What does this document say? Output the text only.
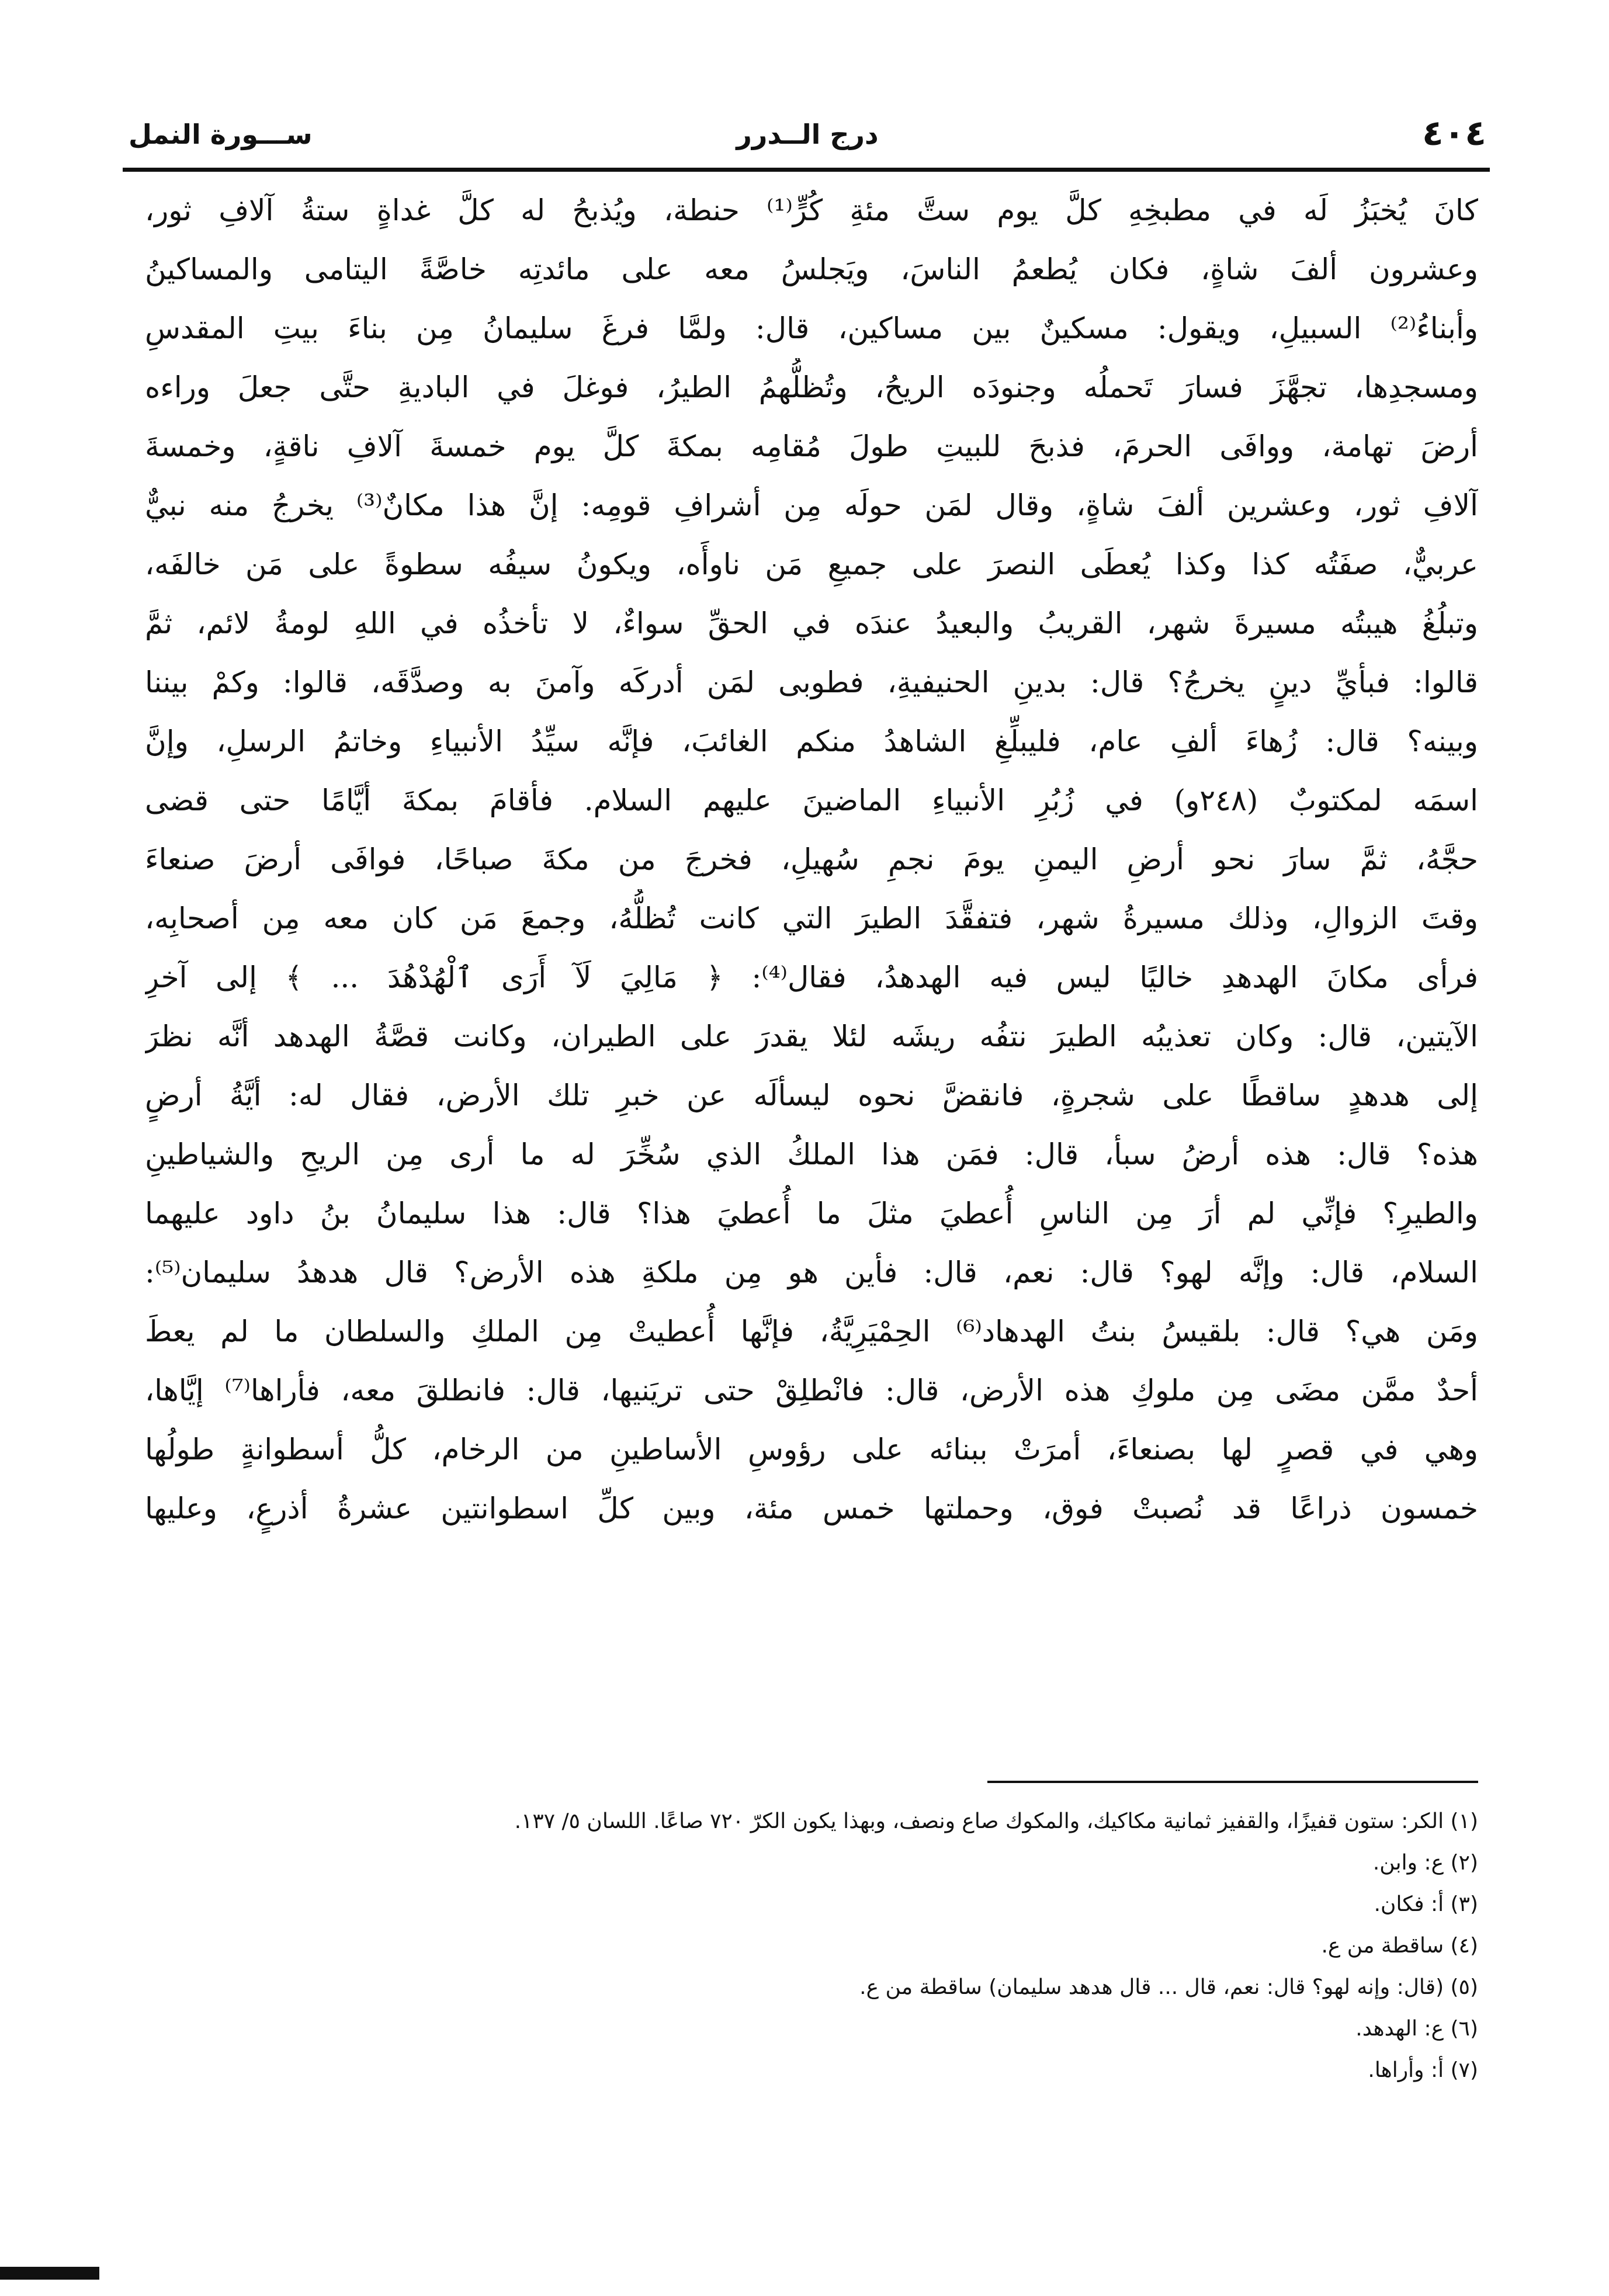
٤٠٤
درج الــدرر
ســـورة النمل
كانَ يُخبَزُ لَه في مطبخِهِ كلَّ يوم ستَّ مئةِ كُرٍّ⁽¹⁾ حنطة، ويُذبحُ له كلَّ غداةٍ ستةُ آلافِ ثور،
وعشرون ألفَ شاةٍ، فكان يُطعمُ الناسَ، ويَجلسُ معه على مائدتِه خاصَّةً اليتامى والمساكينُ
وأبناءُ⁽²⁾ السبيلِ، ويقول: مسكينٌ بين مساكين، قال: ولمَّا فرغَ سليمانُ مِن بناءَ بيتِ المقدسِ
ومسجدِها، تجهَّزَ فسارَ تَحملُه وجنودَه الريحُ، وتُظلُّهمُ الطيرُ، فوغلَ في الباديةِ حتَّى جعلَ وراءه
أرضَ تهامة، ووافَى الحرمَ، فذبحَ للبيتِ طولَ مُقامِه بمكةَ كلَّ يوم خمسةَ آلافِ ناقةٍ، وخمسةَ
آلافِ ثور، وعشرين ألفَ شاةٍ، وقال لمَن حولَه مِن أشرافِ قومِه: إنَّ هذا مكانٌ⁽³⁾ يخرجُ منه نبيٌّ
عربيٌّ، صفَتُه كذا وكذا يُعطَى النصرَ على جميعِ مَن ناوأَه، ويكونُ سيفُه سطوةً على مَن خالفَه،
وتبلُغُ هيبتُه مسيرةَ شهر، القريبُ والبعيدُ عندَه في الحقِّ سواءٌ، لا تأخذُه في اللهِ لومةُ لائم، ثمَّ
قالوا: فبأيِّ دينٍ يخرجُ؟ قال: بدينِ الحنيفيةِ، فطوبى لمَن أدركَه وآمنَ به وصدَّقَه، قالوا: وكمْ بيننا
وبينه؟ قال: زُهاءَ ألفِ عام، فليبلِّغِ الشاهدُ منكم الغائبَ، فإنَّه سيِّدُ الأنبياءِ وخاتمُ الرسلِ، وإنَّ
اسمَه لمكتوبٌ (٢٤٨و) في زُبُرِ الأنبياءِ الماضينَ عليهم السلام. فأقامَ بمكةَ أيَّامًا حتى قضى
حجَّهُ، ثمَّ سارَ نحو أرضِ اليمنِ يومَ نجمِ سُهيلِ، فخرجَ من مكةَ صباحًا، فوافَى أرضَ صنعاءَ
وقتَ الزوالِ، وذلك مسيرةُ شهر، فتفقَّدَ الطيرَ التي كانت تُظلُّهُ، وجمعَ مَن كان معه مِن أصحابِه،
فرأى مكانَ الهدهدِ خاليًا ليس فيه الهدهدُ، فقال⁽⁴⁾: ﴿ مَالِيَ لَآ أَرَى ٱلْهُدْهُدَ ... ﴾ إلى آخرِ
الآيتين، قال: وكان تعذيبُه الطيرَ نتفُه ريشَه لئلا يقدرَ على الطيران، وكانت قصَّةُ الهدهد أنَّه نظرَ
إلى هدهدٍ ساقطًا على شجرةٍ، فانقضَّ نحوه ليسألَه عن خبرِ تلك الأرض، فقال له: أيَّةُ أرضٍ
هذه؟ قال: هذه أرضُ سبأ، قال: فمَن هذا الملكُ الذي سُخِّرَ له ما أرى مِن الريحِ والشياطينِ
والطيرِ؟ فإنِّي لم أرَ مِن الناسِ أُعطيَ مثلَ ما أُعطيَ هذا؟ قال: هذا سليمانُ بنُ داود عليهما
السلام، قال: وإنَّه لهو؟ قال: نعم، قال: فأين هو مِن ملكةِ هذه الأرض؟ قال هدهدُ سليمان⁽⁵⁾:
ومَن هي؟ قال: بلقيسُ بنتُ الهدهاد⁽⁶⁾ الحِمْيَرِيَّةُ، فإنَّها أُعطيتْ مِن الملكِ والسلطان ما لم يعطَ
أحدٌ ممَّن مضَى مِن ملوكِ هذه الأرض، قال: فانْطلِقْ حتى تريَنيها، قال: فانطلقَ معه، فأراها⁽⁷⁾ إيَّاها،
وهي في قصرٍ لها بصنعاءَ، أمرَتْ ببنائه على رؤوسِ الأساطينِ من الرخام، كلُّ أسطوانةٍ طولُها
خمسون ذراعًا قد نُصبتْ فوق، وحملتها خمس مئة، وبين كلِّ اسطوانتين عشرةُ أذرعٍ، وعليها
(١) الكر: ستون قفيزًا، والقفيز ثمانية مكاكيك، والمكوك صاع ونصف، وبهذا يكون الكرّ ٧٢٠ صاعًا. اللسان ٥/ ١٣٧.
(٢) ع: وابن.
(٣) أ: فكان.
(٤) ساقطة من ع.
(٥) (قال: وإنه لهو؟ قال: نعم، قال ... قال هدهد سليمان) ساقطة من ع.
(٦) ع: الهدهد.
(٧) أ: وأراها.
